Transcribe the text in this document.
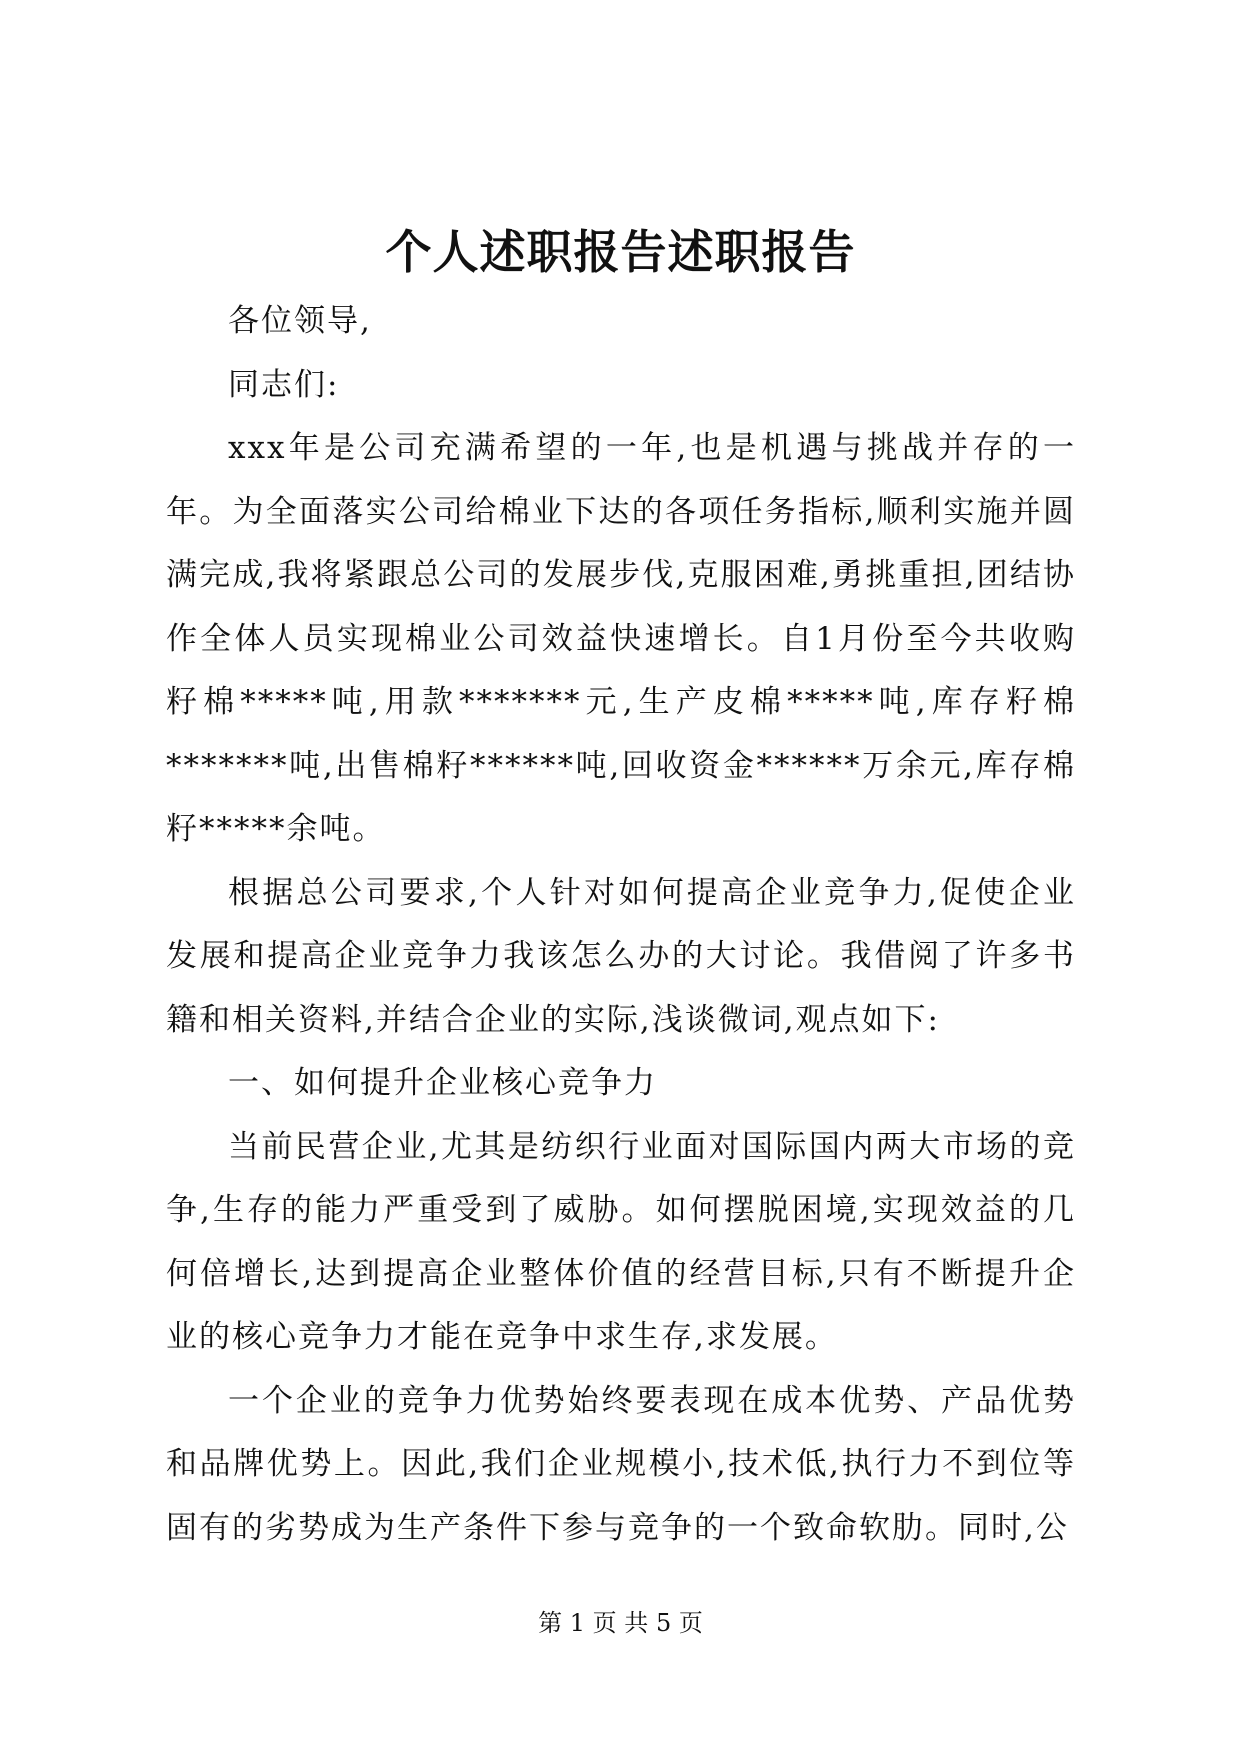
个人述职报告述职报告

各位领导,

同志们:

xxx年是公司充满希望的一年,也是机遇与挑战并存的一年。为全面落实公司给棉业下达的各项任务指标,顺利实施并圆满完成,我将紧跟总公司的发展步伐,克服困难,勇挑重担,团结协作全体人员实现棉业公司效益快速增长。自1月份至今共收购籽棉*****吨,用款*******元,生产皮棉*****吨,库存籽棉*******吨,出售棉籽******吨,回收资金******万余元,库存棉籽*****余吨。

根据总公司要求,个人针对如何提高企业竞争力,促使企业发展和提高企业竞争力我该怎么办的大讨论。我借阅了许多书籍和相关资料,并结合企业的实际,浅谈微词,观点如下:

一、如何提升企业核心竞争力

当前民营企业,尤其是纺织行业面对国际国内两大市场的竞争,生存的能力严重受到了威胁。如何摆脱困境,实现效益的几何倍增长,达到提高企业整体价值的经营目标,只有不断提升企业的核心竞争力才能在竞争中求生存,求发展。

一个企业的竞争力优势始终要表现在成本优势、产品优势和品牌优势上。因此,我们企业规模小,技术低,执行力不到位等固有的劣势成为生产条件下参与竞争的一个致命软肋。同时,公

第 1 页 共 5 页
